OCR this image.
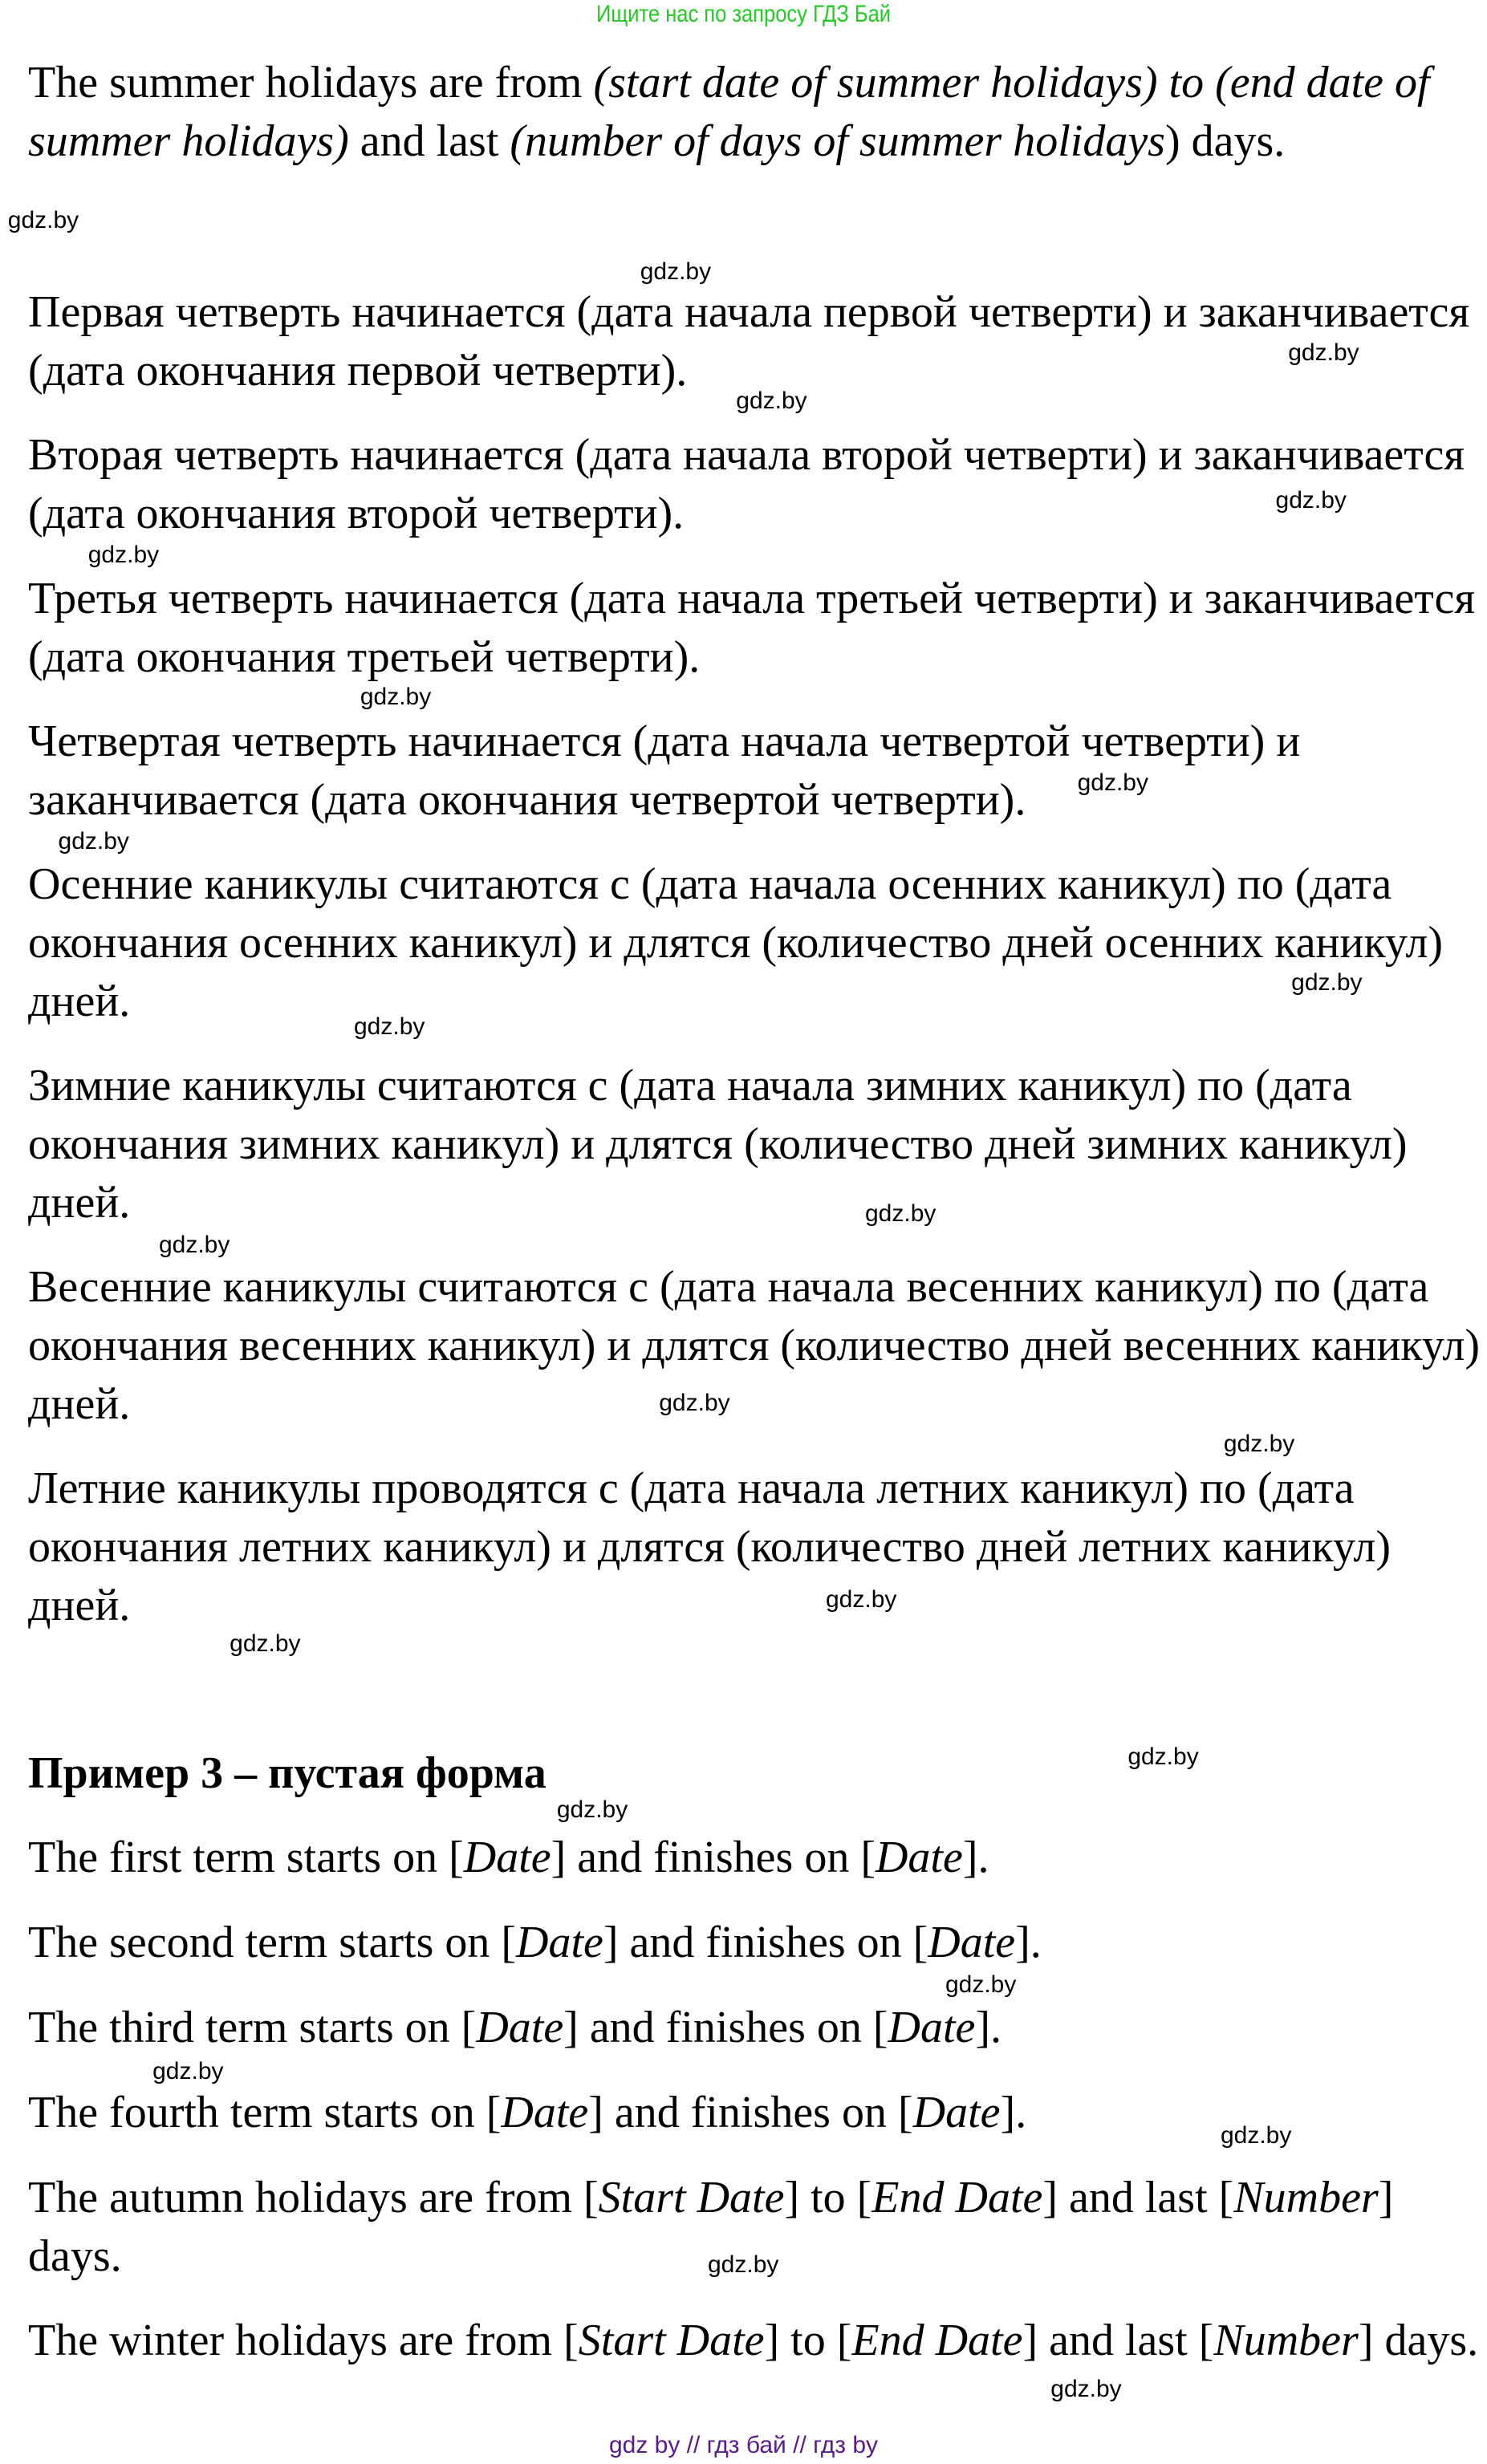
Ищите нас по запросу ГДЗ Бай
The summer holidays are from (start date of summer holidays) to (end date of summer holidays) and last (number of days of summer holidays) days.
Первая четверть начинается (дата начала первой четверти) и заканчивается (дата окончания первой четверти).
Вторая четверть начинается (дата начала второй четверти) и заканчивается (дата окончания второй четверти).
Третья четверть начинается (дата начала третьей четверти) и заканчивается (дата окончания третьей четверти).
Четвертая четверть начинается (дата начала четвертой четверти) и заканчивается (дата окончания четвертой четверти).
Осенние каникулы считаются с (дата начала осенних каникул) по (дата окончания осенних каникул) и длятся (количество дней осенних каникул) дней.
Зимние каникулы считаются с (дата начала зимних каникул) по (дата окончания зимних каникул) и длятся (количество дней зимних каникул) дней.
Весенние каникулы считаются с (дата начала весенних каникул) по (дата окончания весенних каникул) и длятся (количество дней весенних каникул) дней.
Летние каникулы проводятся с (дата начала летних каникул) по (дата окончания летних каникул) и длятся (количество дней летних каникул) дней.
Пример 3 – пустая форма
The first term starts on [Date] and finishes on [Date].
The second term starts on [Date] and finishes on [Date].
The third term starts on [Date] and finishes on [Date].
The fourth term starts on [Date] and finishes on [Date].
The autumn holidays are from [Start Date] to [End Date] and last [Number] days.
The winter holidays are from [Start Date] to [End Date] and last [Number] days.
gdz.by
gdz.by
gdz.by
gdz.by
gdz.by
gdz.by
gdz.by
gdz.by
gdz.by
gdz.by
gdz.by
gdz.by
gdz.by
gdz.by
gdz.by
gdz.by
gdz.by
gdz.by
gdz.by
gdz.by
gdz.by
gdz.by
gdz.by
gdz.by
gdz by // гдз бай // гдз by
